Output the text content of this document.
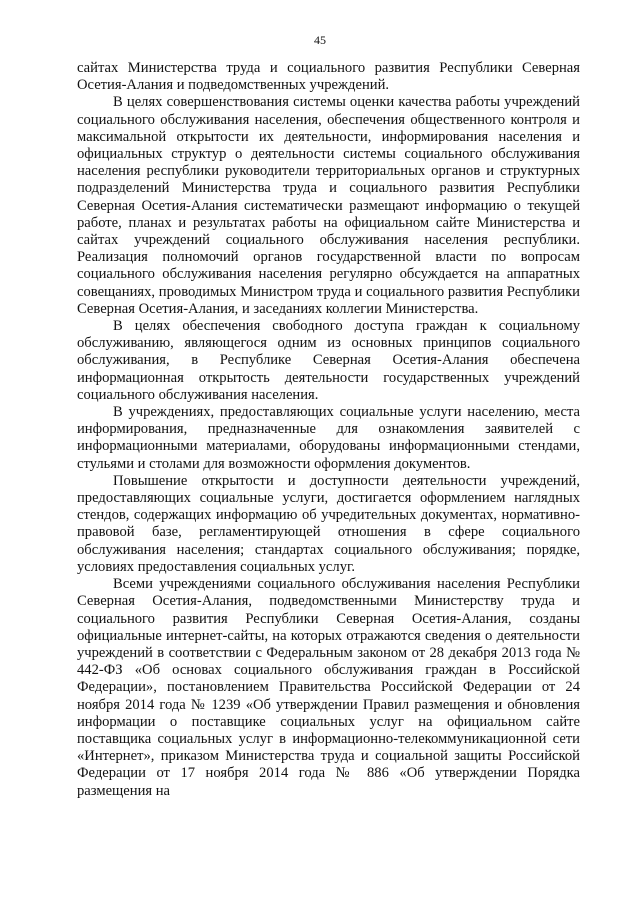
45

сайтах Министерства труда и социального развития Республики Северная Осетия-Алания и подведомственных учреждений.

В целях совершенствования системы оценки качества работы учреждений социального обслуживания населения, обеспечения общественного контроля и максимальной открытости их деятельности, информирования населения и официальных структур о деятельности системы социального обслуживания населения республики руководители территориальных органов и структурных подразделений Министерства труда и социального развития Республики Северная Осетия-Алания систематически размещают информацию о текущей работе, планах и результатах работы на официальном сайте Министерства и сайтах учреждений социального обслуживания населения республики. Реализация полномочий органов государственной власти по вопросам социального обслуживания населения регулярно обсуждается на аппаратных совещаниях, проводимых Министром труда и социального развития Республики Северная Осетия-Алания, и заседаниях коллегии Министерства.

В целях обеспечения свободного доступа граждан к социальному обслуживанию, являющегося одним из основных принципов социального обслуживания, в Республике Северная Осетия-Алания обеспечена информационная открытость деятельности государственных учреждений социального обслуживания населения.

В учреждениях, предоставляющих социальные услуги населению, места информирования, предназначенные для ознакомления заявителей с информационными материалами, оборудованы информационными стендами, стульями и столами для возможности оформления документов.

Повышение открытости и доступности деятельности учреждений, предоставляющих социальные услуги, достигается оформлением наглядных стендов, содержащих информацию об учредительных документах, нормативно-правовой базе, регламентирующей отношения в сфере социального обслуживания населения; стандартах социального обслуживания; порядке, условиях предоставления социальных услуг.

Всеми учреждениями социального обслуживания населения Республики Северная Осетия-Алания, подведомственными Министерству труда и социального развития Республики Северная Осетия-Алания, созданы официальные интернет-сайты, на которых отражаются сведения о деятельности учреждений в соответствии с Федеральным законом от 28 декабря 2013 года № 442-ФЗ «Об основах социального обслуживания граждан в Российской Федерации», постановлением Правительства Российской Федерации от 24 ноября 2014 года № 1239 «Об утверждении Правил размещения и обновления информации о поставщике социальных услуг на официальном сайте поставщика социальных услуг в информационно-телекоммуникационной сети «Интернет», приказом Министерства труда и социальной защиты Российской Федерации от 17 ноября 2014 года № 886 «Об утверждении Порядка размещения на
